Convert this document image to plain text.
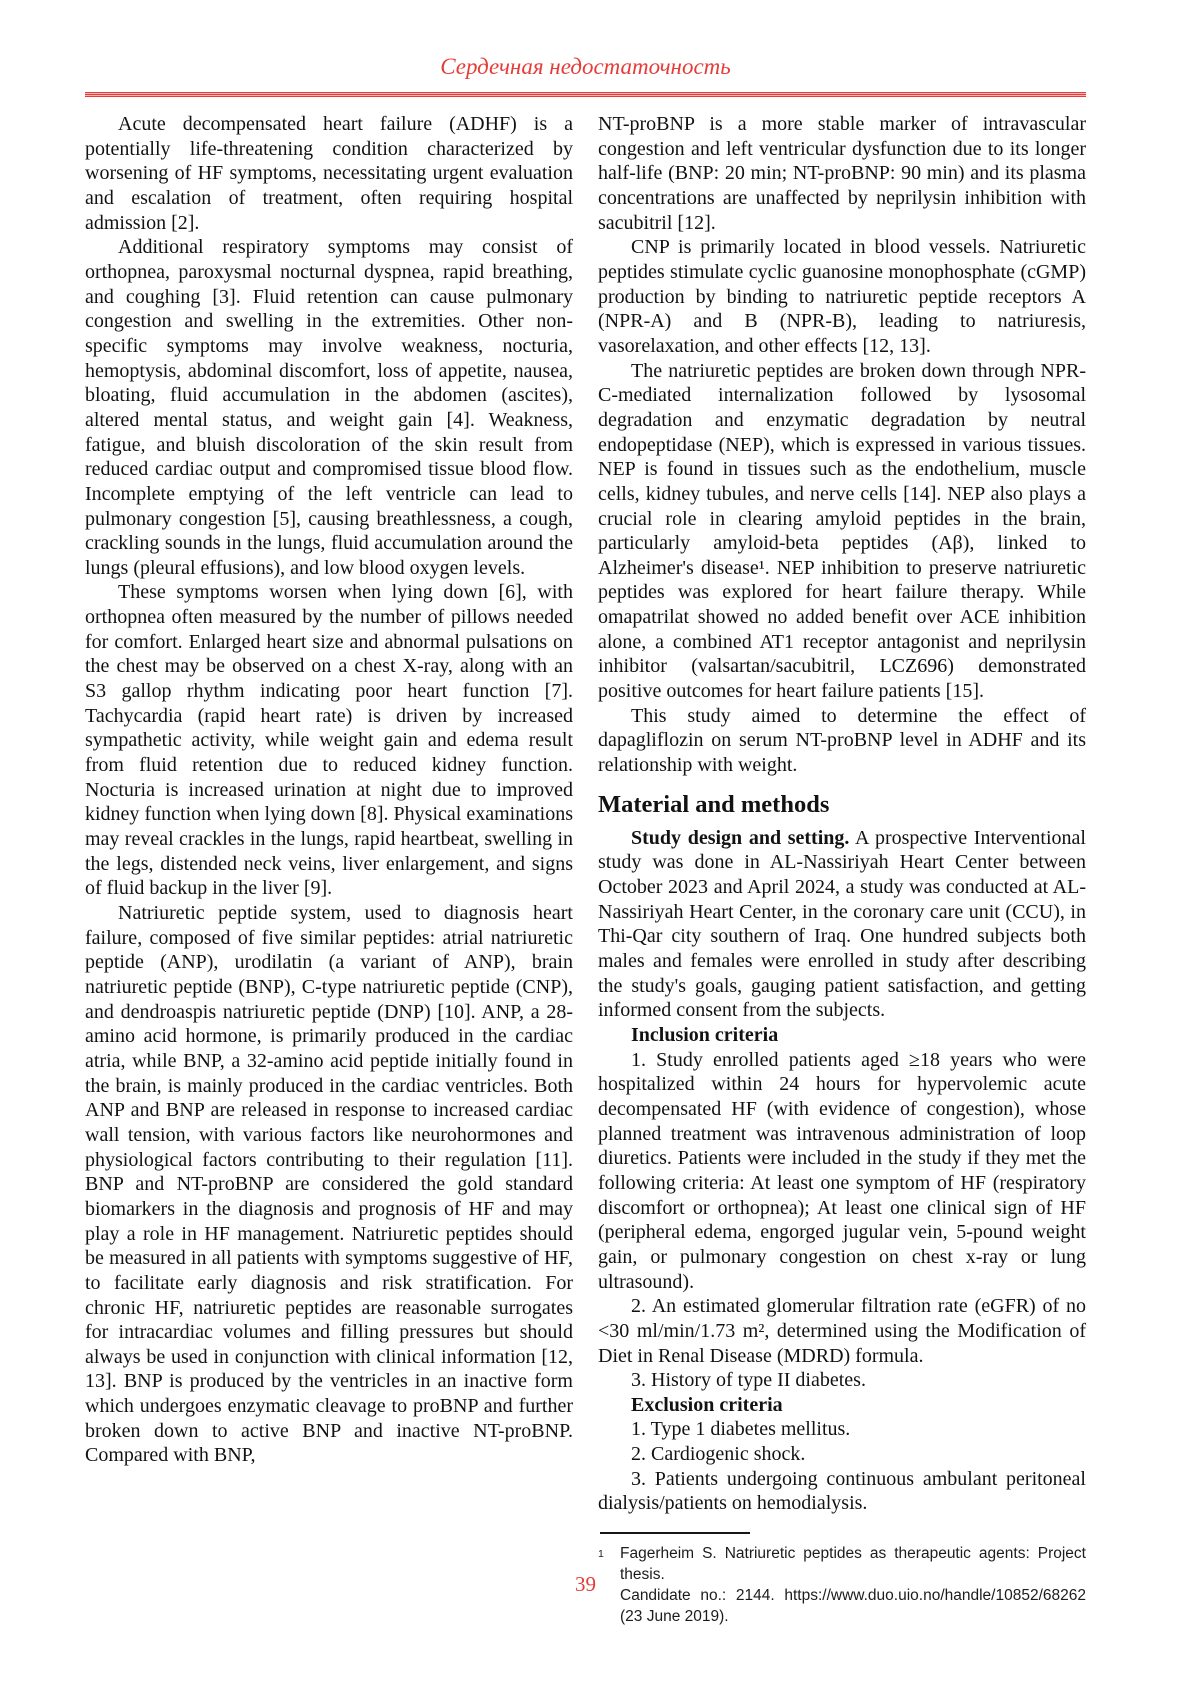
Сердечная недостаточность

Acute decompensated heart failure (ADHF) is a potentially life-threatening condition characterized by worsening of HF symptoms, necessitating urgent evaluation and escalation of treatment, often requiring hospital admission [2].

Additional respiratory symptoms may consist of orthopnea, paroxysmal nocturnal dyspnea, rapid breathing, and coughing [3]. Fluid retention can cause pulmonary congestion and swelling in the extremities. Other non-specific symptoms may involve weakness, nocturia, hemoptysis, abdominal discomfort, loss of appetite, nausea, bloating, fluid accumulation in the abdomen (ascites), altered mental status, and weight gain [4]. Weakness, fatigue, and bluish discoloration of the skin result from reduced cardiac output and compromised tissue blood flow. Incomplete emptying of the left ventricle can lead to pulmonary congestion [5], causing breathlessness, a cough, crackling sounds in the lungs, fluid accumulation around the lungs (pleural effusions), and low blood oxygen levels.

These symptoms worsen when lying down [6], with orthopnea often measured by the number of pillows needed for comfort. Enlarged heart size and abnormal pulsations on the chest may be observed on a chest X-ray, along with an S3 gallop rhythm indicating poor heart function [7]. Tachycardia (rapid heart rate) is driven by increased sympathetic activity, while weight gain and edema result from fluid retention due to reduced kidney function. Nocturia is increased urination at night due to improved kidney function when lying down [8]. Physical examinations may reveal crackles in the lungs, rapid heartbeat, swelling in the legs, distended neck veins, liver enlargement, and signs of fluid backup in the liver [9].

Natriuretic peptide system, used to diagnosis heart failure, composed of five similar peptides: atrial natriuretic peptide (ANP), urodilatin (a variant of ANP), brain natriuretic peptide (BNP), C-type natriuretic peptide (CNP), and dendroaspis natriuretic peptide (DNP) [10]. ANP, a 28-amino acid hormone, is primarily produced in the cardiac atria, while BNP, a 32-amino acid peptide initially found in the brain, is mainly produced in the cardiac ventricles. Both ANP and BNP are released in response to increased cardiac wall tension, with various factors like neurohormones and physiological factors contributing to their regulation [11]. BNP and NT-proBNP are considered the gold standard biomarkers in the diagnosis and prognosis of HF and may play a role in HF management. Natriuretic peptides should be measured in all patients with symptoms suggestive of HF, to facilitate early diagnosis and risk stratification. For chronic HF, natriuretic peptides are reasonable surrogates for intracardiac volumes and filling pressures but should always be used in conjunction with clinical information [12, 13]. BNP is produced by the ventricles in an inactive form which undergoes enzymatic cleavage to proBNP and further broken down to active BNP and inactive NT-proBNP. Compared with BNP,

NT-proBNP is a more stable marker of intravascular congestion and left ventricular dysfunction due to its longer half-life (BNP: 20 min; NT-proBNP: 90 min) and its plasma concentrations are unaffected by neprilysin inhibition with sacubitril [12].

CNP is primarily located in blood vessels. Natriuretic peptides stimulate cyclic guanosine monophosphate (cGMP) production by binding to natriuretic peptide receptors A (NPR-A) and B (NPR-B), leading to natriuresis, vasorelaxation, and other effects [12, 13].

The natriuretic peptides are broken down through NPR-C-mediated internalization followed by lysosomal degradation and enzymatic degradation by neutral endopeptidase (NEP), which is expressed in various tissues. NEP is found in tissues such as the endothelium, muscle cells, kidney tubules, and nerve cells [14]. NEP also plays a crucial role in clearing amyloid peptides in the brain, particularly amyloid-beta peptides (Aβ), linked to Alzheimer's disease¹. NEP inhibition to preserve natriuretic peptides was explored for heart failure therapy. While omapatrilat showed no added benefit over ACE inhibition alone, a combined AT1 receptor antagonist and neprilysin inhibitor (valsartan/sacubitril, LCZ696) demonstrated positive outcomes for heart failure patients [15].

This study aimed to determine the effect of dapagliflozin on serum NT-proBNP level in ADHF and its relationship with weight.

Material and methods

Study design and setting. A prospective Interventional study was done in AL-Nassiriyah Heart Center between October 2023 and April 2024, a study was conducted at AL-Nassiriyah Heart Center, in the coronary care unit (CCU), in Thi-Qar city southern of Iraq. One hundred subjects both males and females were enrolled in study after describing the study's goals, gauging patient satisfaction, and getting informed consent from the subjects.

Inclusion criteria

1. Study enrolled patients aged ≥18 years who were hospitalized within 24 hours for hypervolemic acute decompensated HF (with evidence of congestion), whose planned treatment was intravenous administration of loop diuretics. Patients were included in the study if they met the following criteria: At least one symptom of HF (respiratory discomfort or orthopnea); At least one clinical sign of HF (peripheral edema, engorged jugular vein, 5-pound weight gain, or pulmonary congestion on chest x-ray or lung ultrasound).

2. An estimated glomerular filtration rate (eGFR) of no <30 ml/min/1.73 m², determined using the Modification of Diet in Renal Disease (MDRD) formula.

3. History of type II diabetes.

Exclusion criteria

1. Type 1 diabetes mellitus.

2. Cardiogenic shock.

3. Patients undergoing continuous ambulant peritoneal dialysis/patients on hemodialysis.

1	Fagerheim S. Natriuretic peptides as therapeutic agents: Project thesis.
Candidate no.: 2144. https://www.duo.uio.no/handle/10852/68262
(23 June 2019).
39
